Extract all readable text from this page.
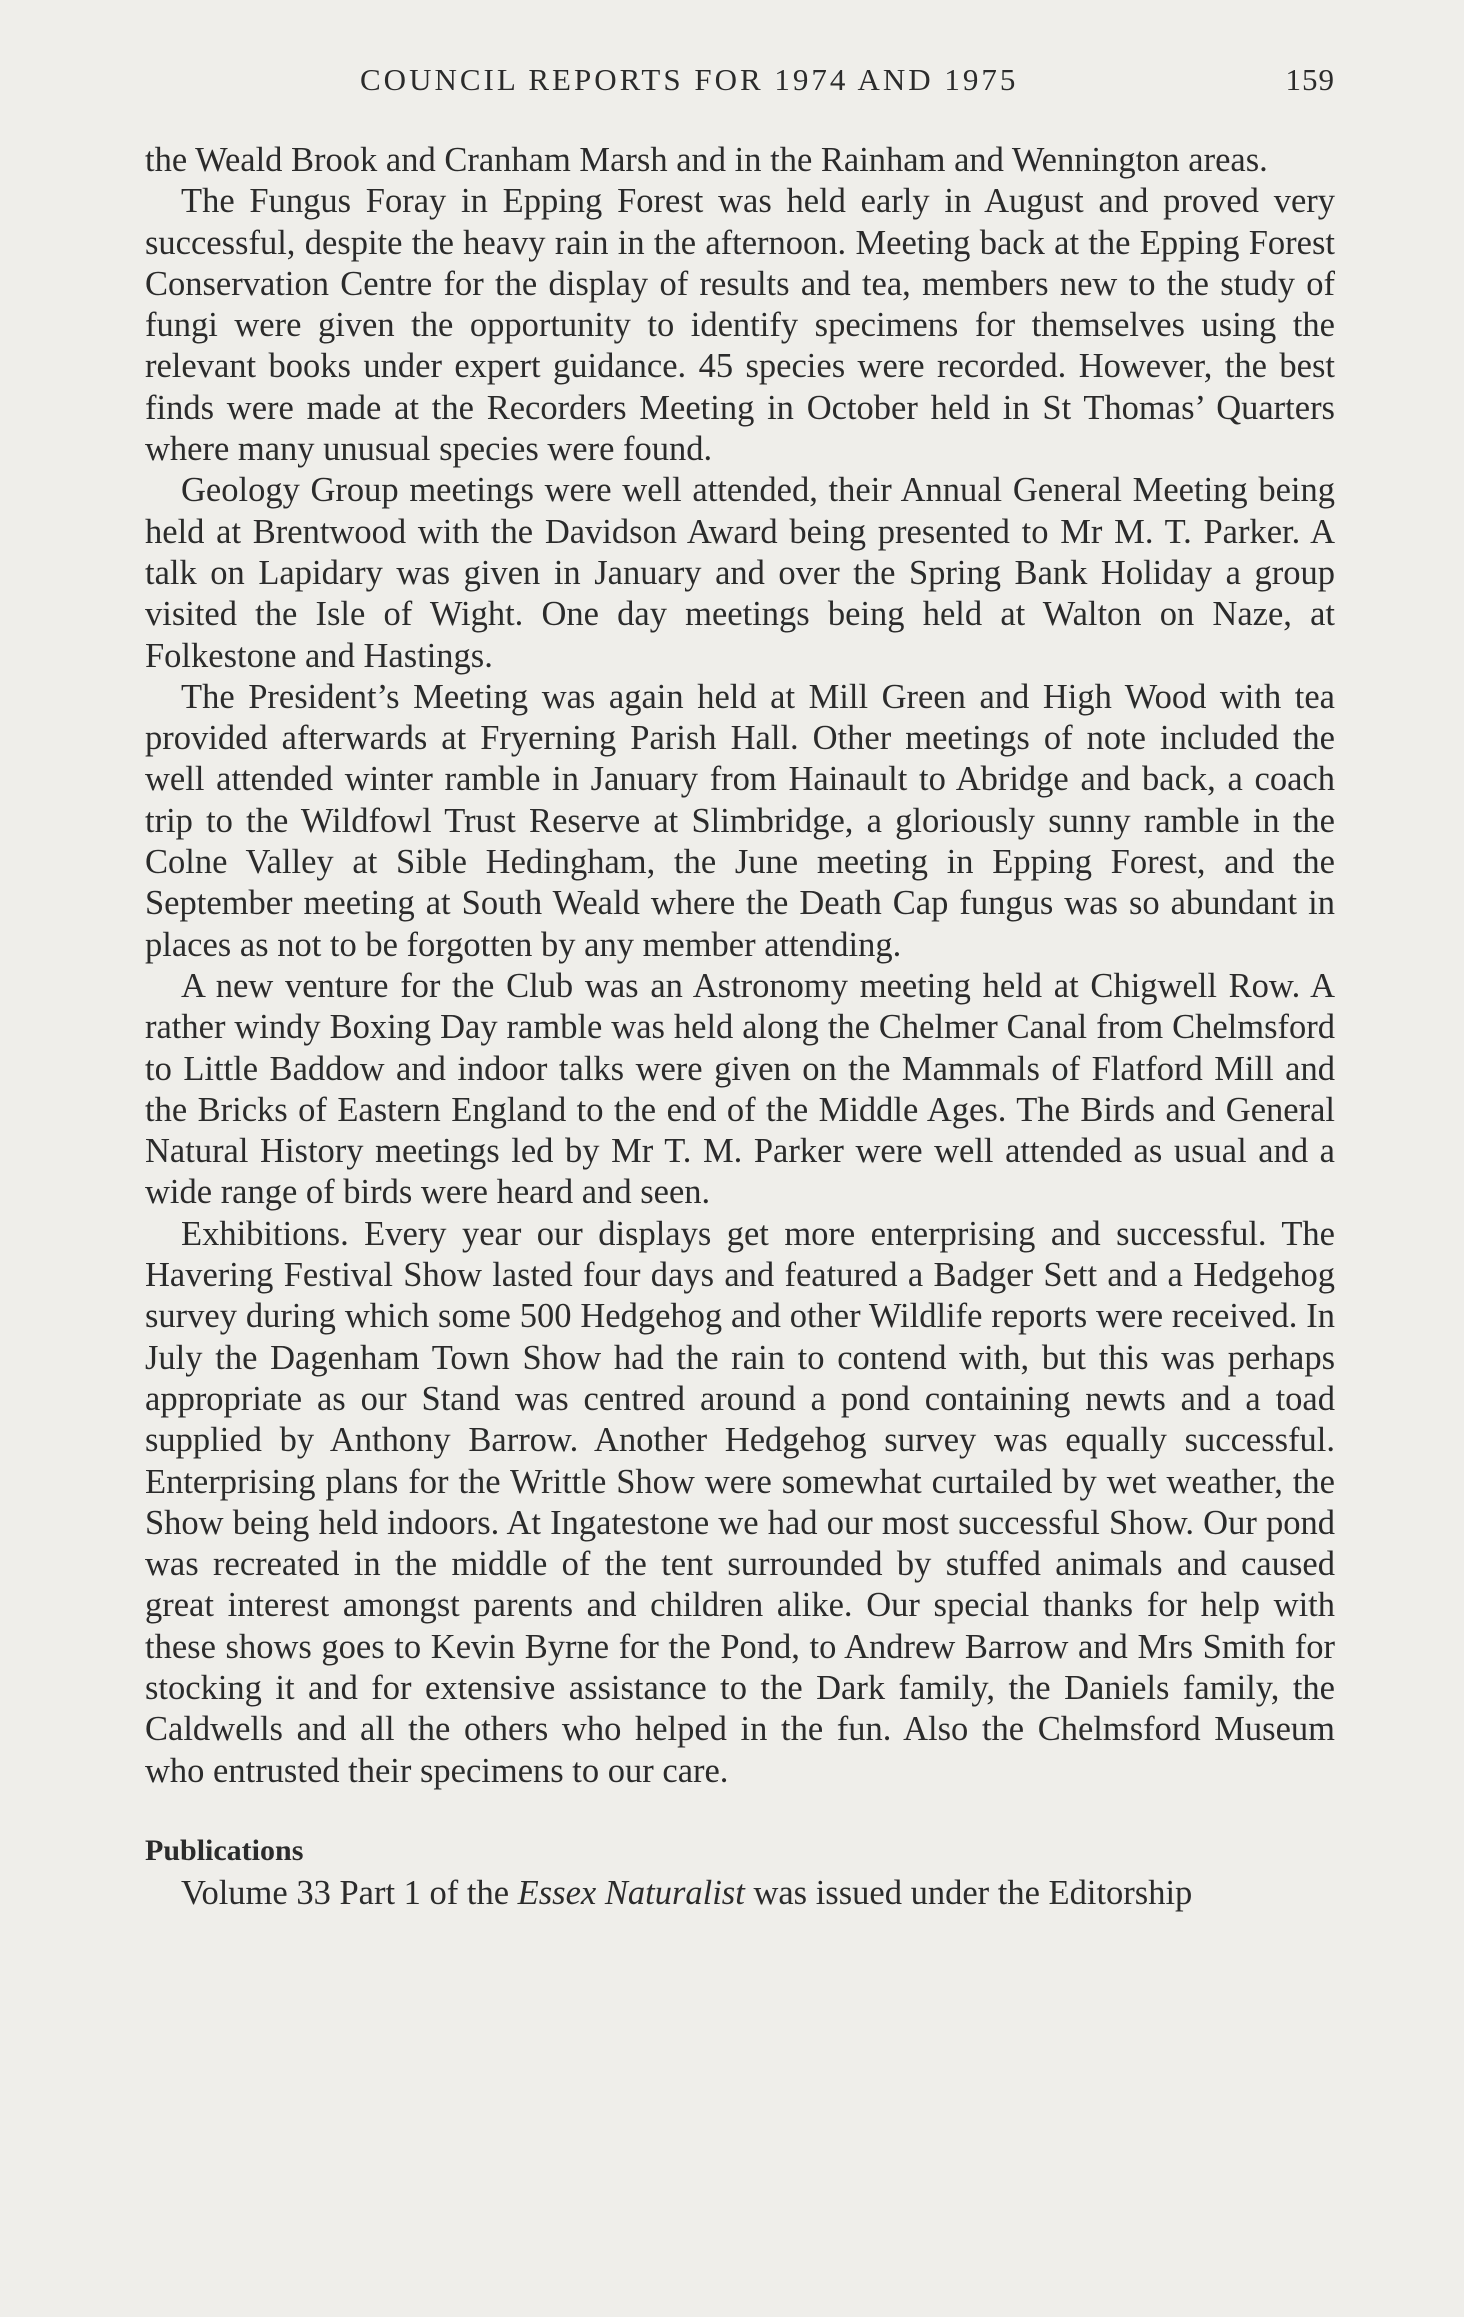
COUNCIL REPORTS FOR 1974 AND 1975	159

the Weald Brook and Cranham Marsh and in the Rainham and Wennington areas.

The Fungus Foray in Epping Forest was held early in August and proved very successful, despite the heavy rain in the afternoon. Meeting back at the Epping Forest Conservation Centre for the display of results and tea, members new to the study of fungi were given the opportunity to identify specimens for themselves using the relevant books under expert guidance. 45 species were recorded. However, the best finds were made at the Recorders Meeting in October held in St Thomas’ Quarters where many unusual species were found.

Geology Group meetings were well attended, their Annual General Meeting being held at Brentwood with the Davidson Award being presented to Mr M. T. Parker. A talk on Lapidary was given in January and over the Spring Bank Holiday a group visited the Isle of Wight. One day meetings being held at Walton on Naze, at Folkestone and Hastings.

The President’s Meeting was again held at Mill Green and High Wood with tea provided afterwards at Fryerning Parish Hall. Other meetings of note included the well attended winter ramble in January from Hainault to Abridge and back, a coach trip to the Wildfowl Trust Reserve at Slimbridge, a gloriously sunny ramble in the Colne Valley at Sible Hedingham, the June meeting in Epping Forest, and the September meeting at South Weald where the Death Cap fungus was so abundant in places as not to be forgotten by any member attending.

A new venture for the Club was an Astronomy meeting held at Chigwell Row. A rather windy Boxing Day ramble was held along the Chelmer Canal from Chelmsford to Little Baddow and indoor talks were given on the Mammals of Flatford Mill and the Bricks of Eastern England to the end of the Middle Ages. The Birds and General Natural History meetings led by Mr T. M. Parker were well attended as usual and a wide range of birds were heard and seen.

Exhibitions. Every year our displays get more enterprising and successful. The Havering Festival Show lasted four days and featured a Badger Sett and a Hedgehog survey during which some 500 Hedgehog and other Wildlife reports were received. In July the Dagenham Town Show had the rain to contend with, but this was perhaps appropriate as our Stand was centred around a pond containing newts and a toad supplied by Anthony Barrow. Another Hedgehog survey was equally successful. Enterprising plans for the Writtle Show were somewhat curtailed by wet weather, the Show being held indoors. At Ingatestone we had our most successful Show. Our pond was recreated in the middle of the tent surrounded by stuffed animals and caused great interest amongst parents and children alike. Our special thanks for help with these shows goes to Kevin Byrne for the Pond, to Andrew Barrow and Mrs Smith for stocking it and for extensive assistance to the Dark family, the Daniels family, the Caldwells and all the others who helped in the fun. Also the Chelmsford Museum who entrusted their specimens to our care.

Publications

Volume 33 Part 1 of the Essex Naturalist was issued under the Editorship
